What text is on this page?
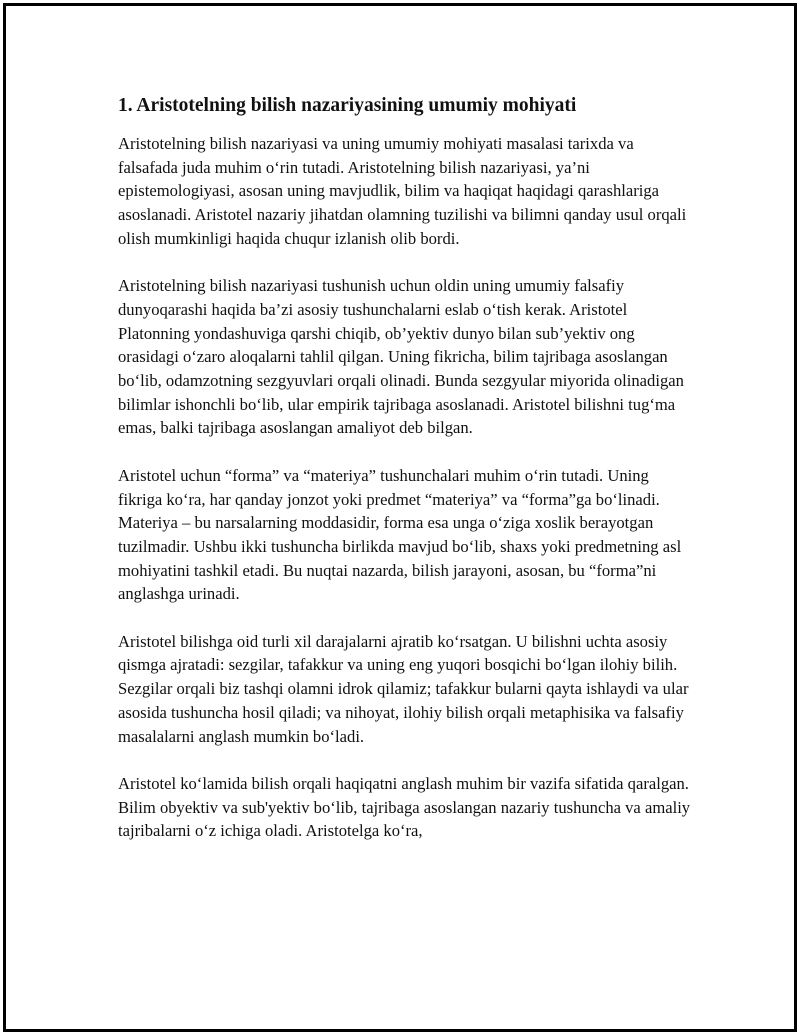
1. Aristotelning bilish nazariyasining umumiy mohiyati

Aristotelning bilish nazariyasi va uning umumiy mohiyati masalasi tarixda va falsafada juda muhim o‘rin tutadi. Aristotelning bilish nazariyasi, ya’ni epistemologiyasi, asosan uning mavjudlik, bilim va haqiqat haqidagi qarashlariga asoslanadi. Aristotel nazariy jihatdan olamning tuzilishi va bilimni qanday usul orqali olish mumkinligi haqida chuqur izlanish olib bordi.

Aristotelning bilish nazariyasi tushunish uchun oldin uning umumiy falsafiy dunyoqarashi haqida ba’zi asosiy tushunchalarni eslab o‘tish kerak. Aristotel Platonning yondashuviga qarshi chiqib, ob’yektiv dunyo bilan sub’yektiv ong orasidagi o‘zaro aloqalarni tahlil qilgan. Uning fikricha, bilim tajribaga asoslangan bo‘lib, odamzotning sezgyuvlari orqali olinadi. Bunda sezgyular miyorida olinadigan bilimlar ishonchli bo‘lib, ular empirik tajribaga asoslanadi. Aristotel bilishni tug‘ma emas, balki tajribaga asoslangan amaliyot deb bilgan.

Aristotel uchun “forma” va “materiya” tushunchalari muhim o‘rin tutadi. Uning fikriga ko‘ra, har qanday jonzot yoki predmet “materiya” va “forma”ga bo‘linadi. Materiya – bu narsalarning moddasidir, forma esa unga o‘ziga xoslik berayotgan tuzilmadir. Ushbu ikki tushuncha birlikda mavjud bo‘lib, shaxs yoki predmetning asl mohiyatini tashkil etadi. Bu nuqtai nazarda, bilish jarayoni, asosan, bu “forma”ni anglashga urinadi.

Aristotel bilishga oid turli xil darajalarni ajratib ko‘rsatgan. U bilishni uchta asosiy qismga ajratadi: sezgilar, tafakkur va uning eng yuqori bosqichi bo‘lgan ilohiy bilih. Sezgilar orqali biz tashqi olamni idrok qilamiz; tafakkur bularni qayta ishlaydi va ular asosida tushuncha hosil qiladi; va nihoyat, ilohiy bilish orqali metaphisika va falsafiy masalalarni anglash mumkin bo‘ladi.

Aristotel ko‘lamida bilish orqali haqiqatni anglash muhim bir vazifa sifatida qaralgan. Bilim obyektiv va sub'yektiv bo‘lib, tajribaga asoslangan nazariy tushuncha va amaliy tajribalarni o‘z ichiga oladi. Aristotelga ko‘ra,
